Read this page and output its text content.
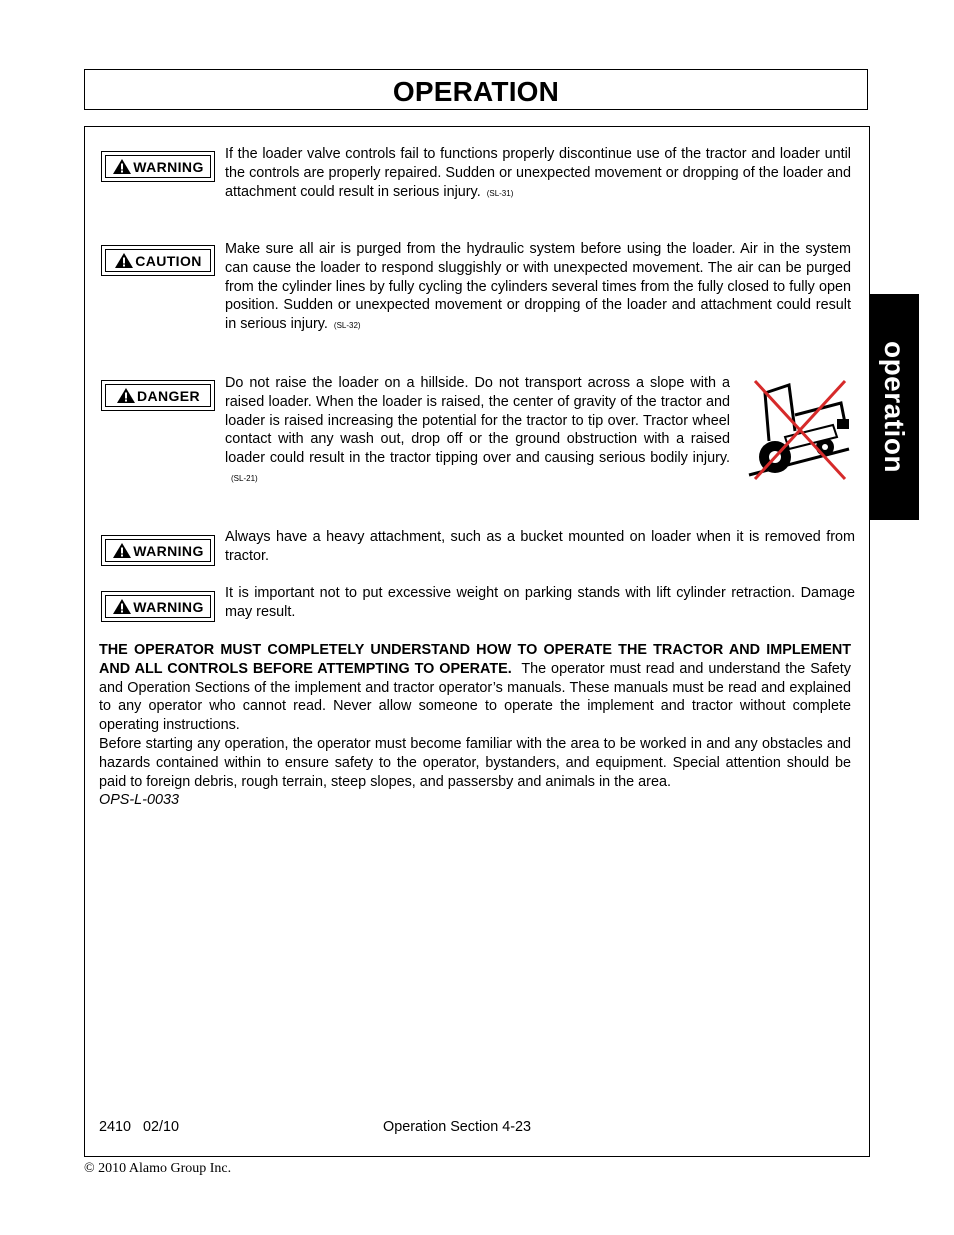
OPERATION
operation
WARNING
If the loader valve controls fail to functions properly discontinue use of the tractor and loader until the controls are properly repaired. Sudden or unexpected movement or dropping of the loader and attachment could result in serious injury. (SL-31)
CAUTION
Make sure all air is purged from the hydraulic system before using the loader. Air in the system can cause the loader to respond sluggishly or with unexpected movement. The air can be purged from the cylinder lines by fully cycling the cylinders several times from the fully closed to fully open position. Sudden or unexpected movement or dropping of the loader and attachment could result in serious injury. (SL-32)
DANGER
Do not raise the loader on a hillside. Do not transport across a slope with a raised loader. When the loader is raised, the center of gravity of the tractor and loader is raised increasing the potential for the tractor to tip over. Tractor wheel contact with any wash out, drop off or the ground obstruction with a raised loader could result in the tractor tipping over and causing serious bodily injury.(SL-21)
WARNING
Always have a heavy attachment, such as a bucket mounted on loader when it is removed from tractor.
WARNING
It is important not to put excessive weight on parking stands with lift cylinder retraction. Damage may result.

THE OPERATOR MUST COMPLETELY UNDERSTAND HOW TO OPERATE THE TRACTOR AND IMPLEMENT AND ALL CONTROLS BEFORE ATTEMPTING TO OPERATE. The operator must read and understand the Safety and Operation Sections of the implement and tractor operator’s manuals. These manuals must be read and explained to any operator who cannot read. Never allow someone to operate the implement and tractor without complete operating instructions.

Before starting any operation, the operator must become familiar with the area to be worked in and any obstacles and hazards contained within to ensure safety to the operator, bystanders, and equipment. Special attention should be paid to foreign debris, rough terrain, steep slopes, and passersby and animals in the area.

OPS-L-0033

2410   02/10	Operation Section 4-23
© 2010 Alamo Group Inc.
